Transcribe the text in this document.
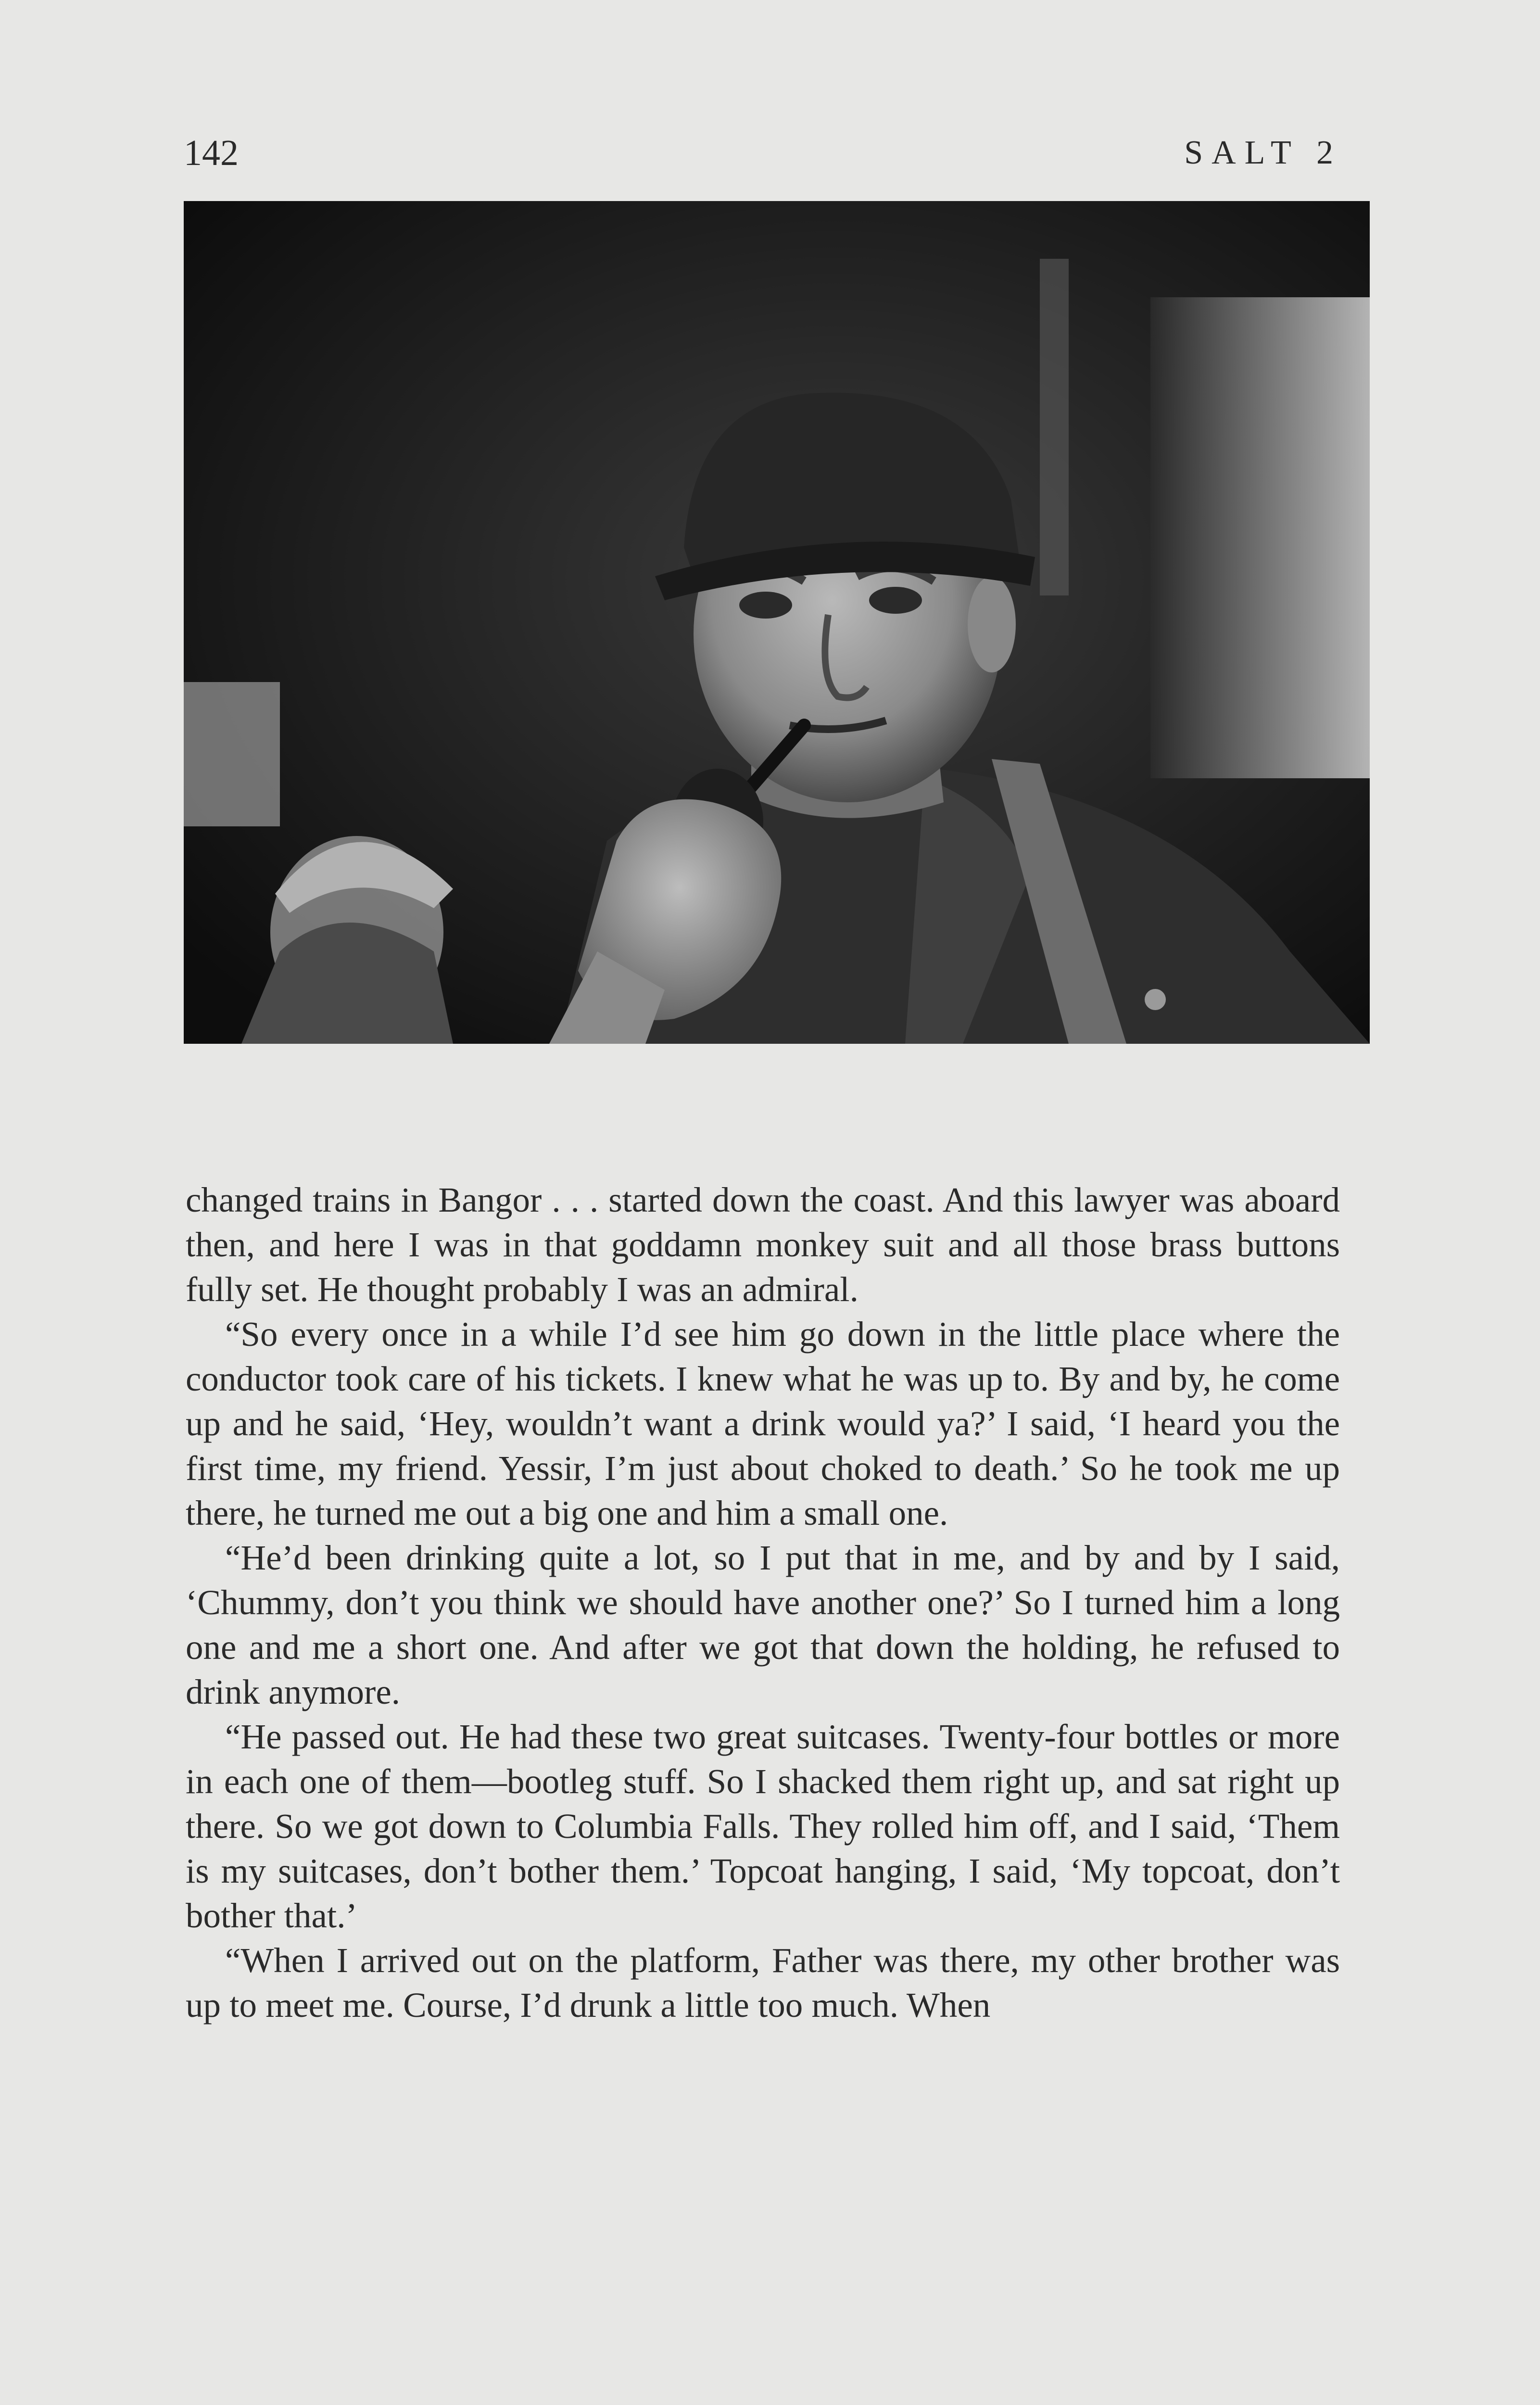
142	SALT 2

changed trains in Bangor . . . started down the coast. And this lawyer was aboard then, and here I was in that goddamn monkey suit and all those brass buttons fully set. He thought probably I was an admiral.

“So every once in a while I’d see him go down in the little place where the conductor took care of his tickets. I knew what he was up to. By and by, he come up and he said, ‘Hey, wouldn’t want a drink would ya?’ I said, ‘I heard you the first time, my friend. Yessir, I’m just about choked to death.’ So he took me up there, he turned me out a big one and him a small one.

“He’d been drinking quite a lot, so I put that in me, and by and by I said, ‘Chummy, don’t you think we should have another one?’ So I turned him a long one and me a short one. And after we got that down the holding, he refused to drink anymore.

“He passed out. He had these two great suitcases. Twenty-four bottles or more in each one of them—bootleg stuff. So I shacked them right up, and sat right up there. So we got down to Columbia Falls. They rolled him off, and I said, ‘Them is my suitcases, don’t bother them.’ Topcoat hanging, I said, ‘My topcoat, don’t bother that.’

“When I arrived out on the platform, Father was there, my other brother was up to meet me. Course, I’d drunk a little too much. When
